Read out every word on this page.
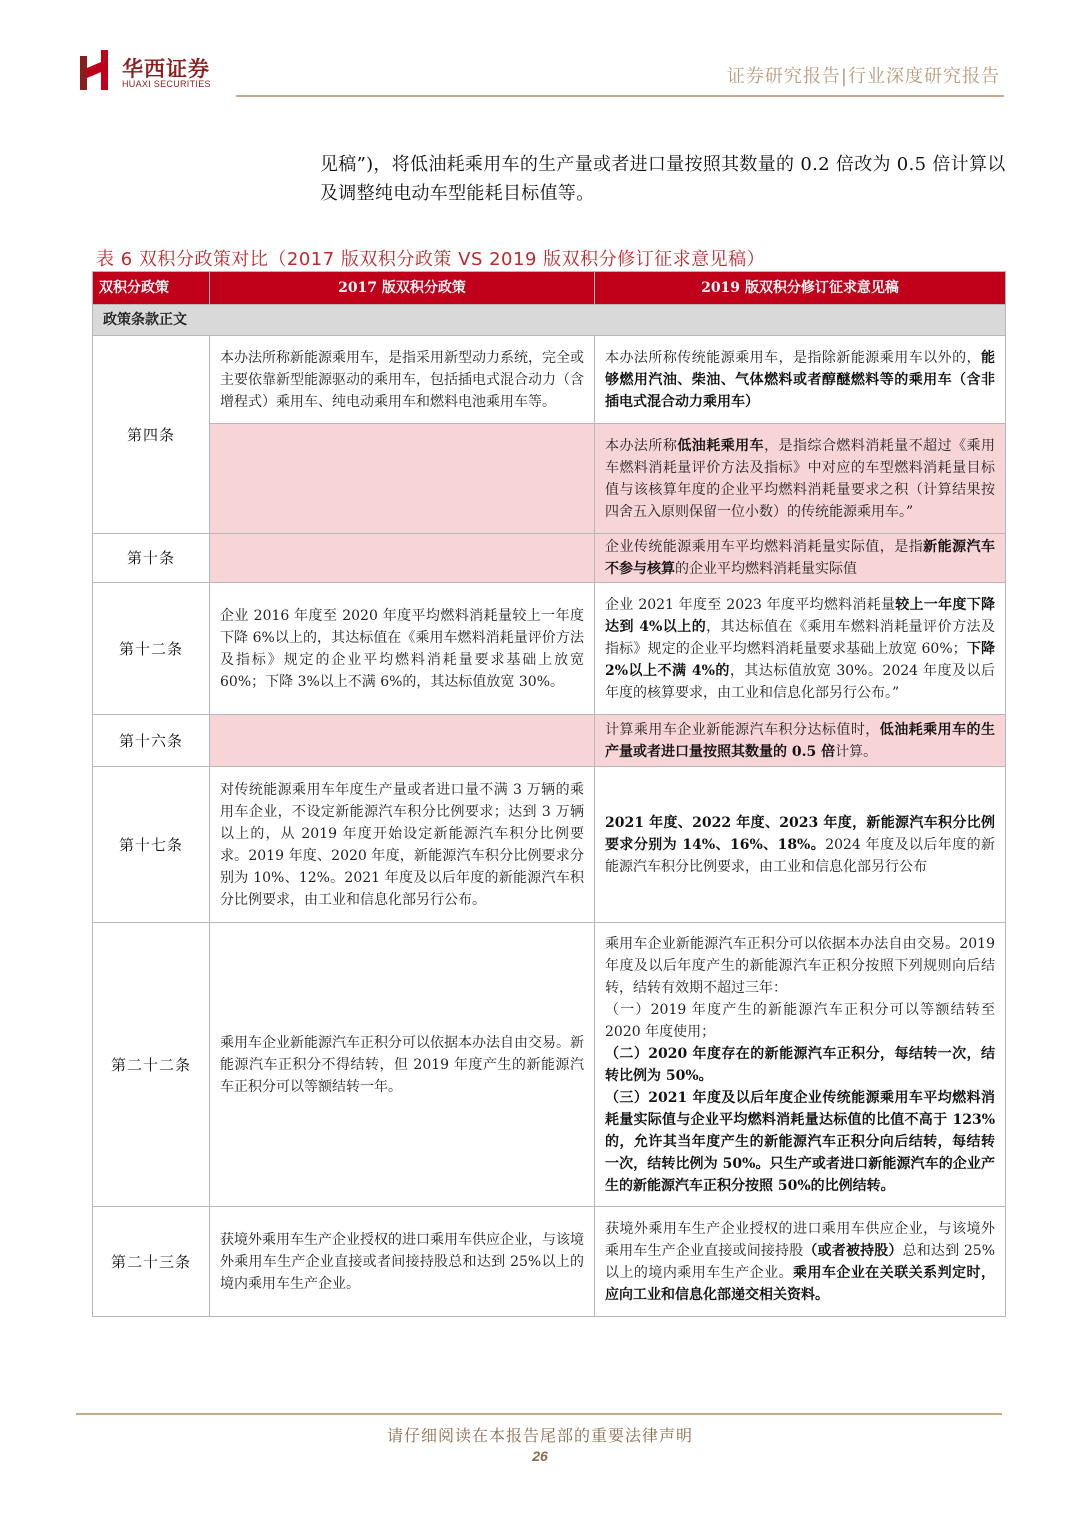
华西证券
HUAXI SECURITIES	证券研究报告|行业深度研究报告
见稿”)，将低油耗乘用车的生产量或者进口量按照其数量的 0.2 倍改为 0.5 倍计算以
及调整纯电动车型能耗目标值等。
表 6 双积分政策对比（2017 版双积分政策 VS 2019 版双积分修订征求意见稿）
双积分政策	2017 版双积分政策	2019 版双积分修订征求意见稿
政策条款正文		
第四条	本办法所称新能源乘用车，是指采用新型动力系统，完全或主要依靠新型能源驱动的乘用车，包括插电式混合动力（含增程式）乘用车、纯电动乘用车和燃料电池乘用车等。	本办法所称传统能源乘用车，是指除新能源乘用车以外的，能够燃用汽油、柴油、气体燃料或者醇醚燃料等的乘用车（含非插电式混合动力乘用车）
		本办法所称低油耗乘用车，是指综合燃料消耗量不超过《乘用车燃料消耗量评价方法及指标》中对应的车型燃料消耗量目标值与该核算年度的企业平均燃料消耗量要求之积（计算结果按四舍五入原则保留一位小数）的传统能源乘用车。”
第十条		企业传统能源乘用车平均燃料消耗量实际值，是指新能源汽车不参与核算的企业平均燃料消耗量实际值
第十二条	企业 2016 年度至 2020 年度平均燃料消耗量较上一年度下降 6%以上的，其达标值在《乘用车燃料消耗量评价方法及指标》规定的企业平均燃料消耗量要求基础上放宽 60%；下降 3%以上不满 6%的，其达标值放宽 30%。	企业 2021 年度至 2023 年度平均燃料消耗量较上一年度下降达到 4%以上的，其达标值在《乘用车燃料消耗量评价方法及指标》规定的企业平均燃料消耗量要求基础上放宽 60%；下降 2%以上不满 4%的，其达标值放宽 30%。2024 年度及以后年度的核算要求，由工业和信息化部另行公布。”
第十六条		计算乘用车企业新能源汽车积分达标值时，低油耗乘用车的生产量或者进口量按照其数量的 0.5 倍计算。
第十七条	对传统能源乘用车年度生产量或者进口量不满 3 万辆的乘用车企业，不设定新能源汽车积分比例要求；达到 3 万辆以上的，从 2019 年度开始设定新能源汽车积分比例要求。2019 年度、2020 年度，新能源汽车积分比例要求分别为 10%、12%。2021 年度及以后年度的新能源汽车积分比例要求，由工业和信息化部另行公布。	2021 年度、2022 年度、2023 年度，新能源汽车积分比例要求分别为 14%、16%、18%。2024 年度及以后年度的新能源汽车积分比例要求，由工业和信息化部另行公布
第二十二条	乘用车企业新能源汽车正积分可以依据本办法自由交易。新能源汽车正积分不得结转，但 2019 年度产生的新能源汽车正积分可以等额结转一年。	乘用车企业新能源汽车正积分可以依据本办法自由交易。2019 年度及以后年度产生的新能源汽车正积分按照下列规则向后结转，结转有效期不超过三年：
（一）2019 年度产生的新能源汽车正积分可以等额结转至 2020 年度使用；
（二）2020 年度存在的新能源汽车正积分，每结转一次，结转比例为 50%。
（三）2021 年度及以后年度企业传统能源乘用车平均燃料消耗量实际值与企业平均燃料消耗量达标值的比值不高于 123%的，允许其当年度产生的新能源汽车正积分向后结转，每结转一次，结转比例为 50%。只生产或者进口新能源汽车的企业产生的新能源汽车正积分按照 50%的比例结转。

第二十三条	获境外乘用车生产企业授权的进口乘用车供应企业，与该境外乘用车生产企业直接或者间接持股总和达到 25%以上的境内乘用车生产企业。	获境外乘用车生产企业授权的进口乘用车供应企业，与该境外乘用车生产企业直接或间接持股（或者被持股）总和达到 25%以上的境内乘用车生产企业。乘用车企业在关联关系判定时，应向工业和信息化部递交相关资料。
请仔细阅读在本报告尾部的重要法律声明
26
